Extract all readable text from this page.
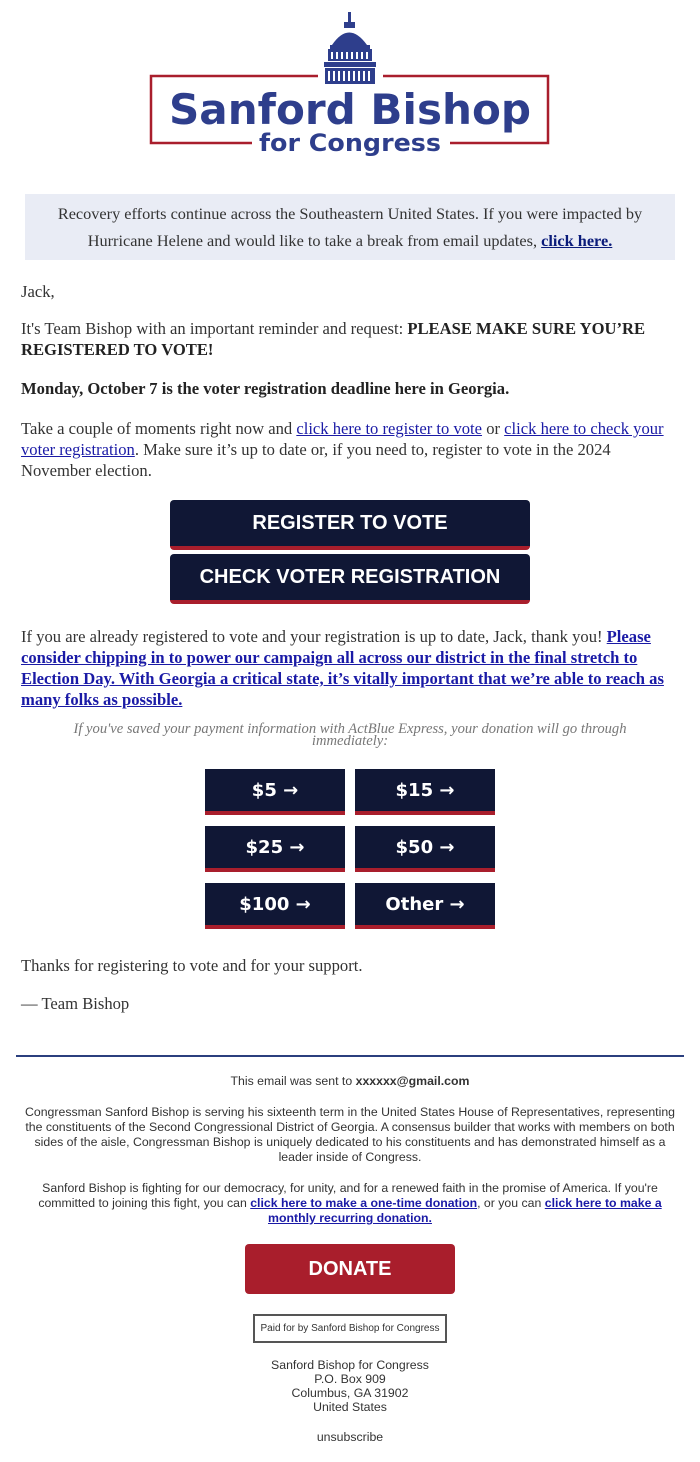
Sanford Bishop
for Congress
Recovery efforts continue across the Southeastern United States. If you were impacted by Hurricane Helene and would like to take a break from email updates, click here.
Jack,
It's Team Bishop with an important reminder and request: PLEASE MAKE SURE YOU’RE REGISTERED TO VOTE!
Monday, October 7 is the voter registration deadline here in Georgia.
Take a couple of moments right now and click here to register to vote or click here to check your voter registration. Make sure it’s up to date or, if you need to, register to vote in the 2024 November election.
REGISTER TO VOTE
CHECK VOTER REGISTRATION
If you are already registered to vote and your registration is up to date, Jack, thank you! Please consider chipping in to power our campaign all across our district in the final stretch to Election Day. With Georgia a critical state, it’s vitally important that we’re able to reach as many folks as possible.
If you've saved your payment information with ActBlue Express, your donation will go through immediately:
$5 →	$15 →
$25 →	$50 →
$100 →	Other →
Thanks for registering to vote and for your support.
— Team Bishop
This email was sent to xxxxxx@gmail.com
Congressman Sanford Bishop is serving his sixteenth term in the United States House of Representatives, representing the constituents of the Second Congressional District of Georgia. A consensus builder that works with members on both sides of the aisle, Congressman Bishop is uniquely dedicated to his constituents and has demonstrated himself as a leader inside of Congress.
Sanford Bishop is fighting for our democracy, for unity, and for a renewed faith in the promise of America. If you're committed to joining this fight, you can click here to make a one-time donation, or you can click here to make a monthly recurring donation.
DONATE
Paid for by Sanford Bishop for Congress
Sanford Bishop for Congress
P.O. Box 909
Columbus, GA 31902
United States
unsubscribe
